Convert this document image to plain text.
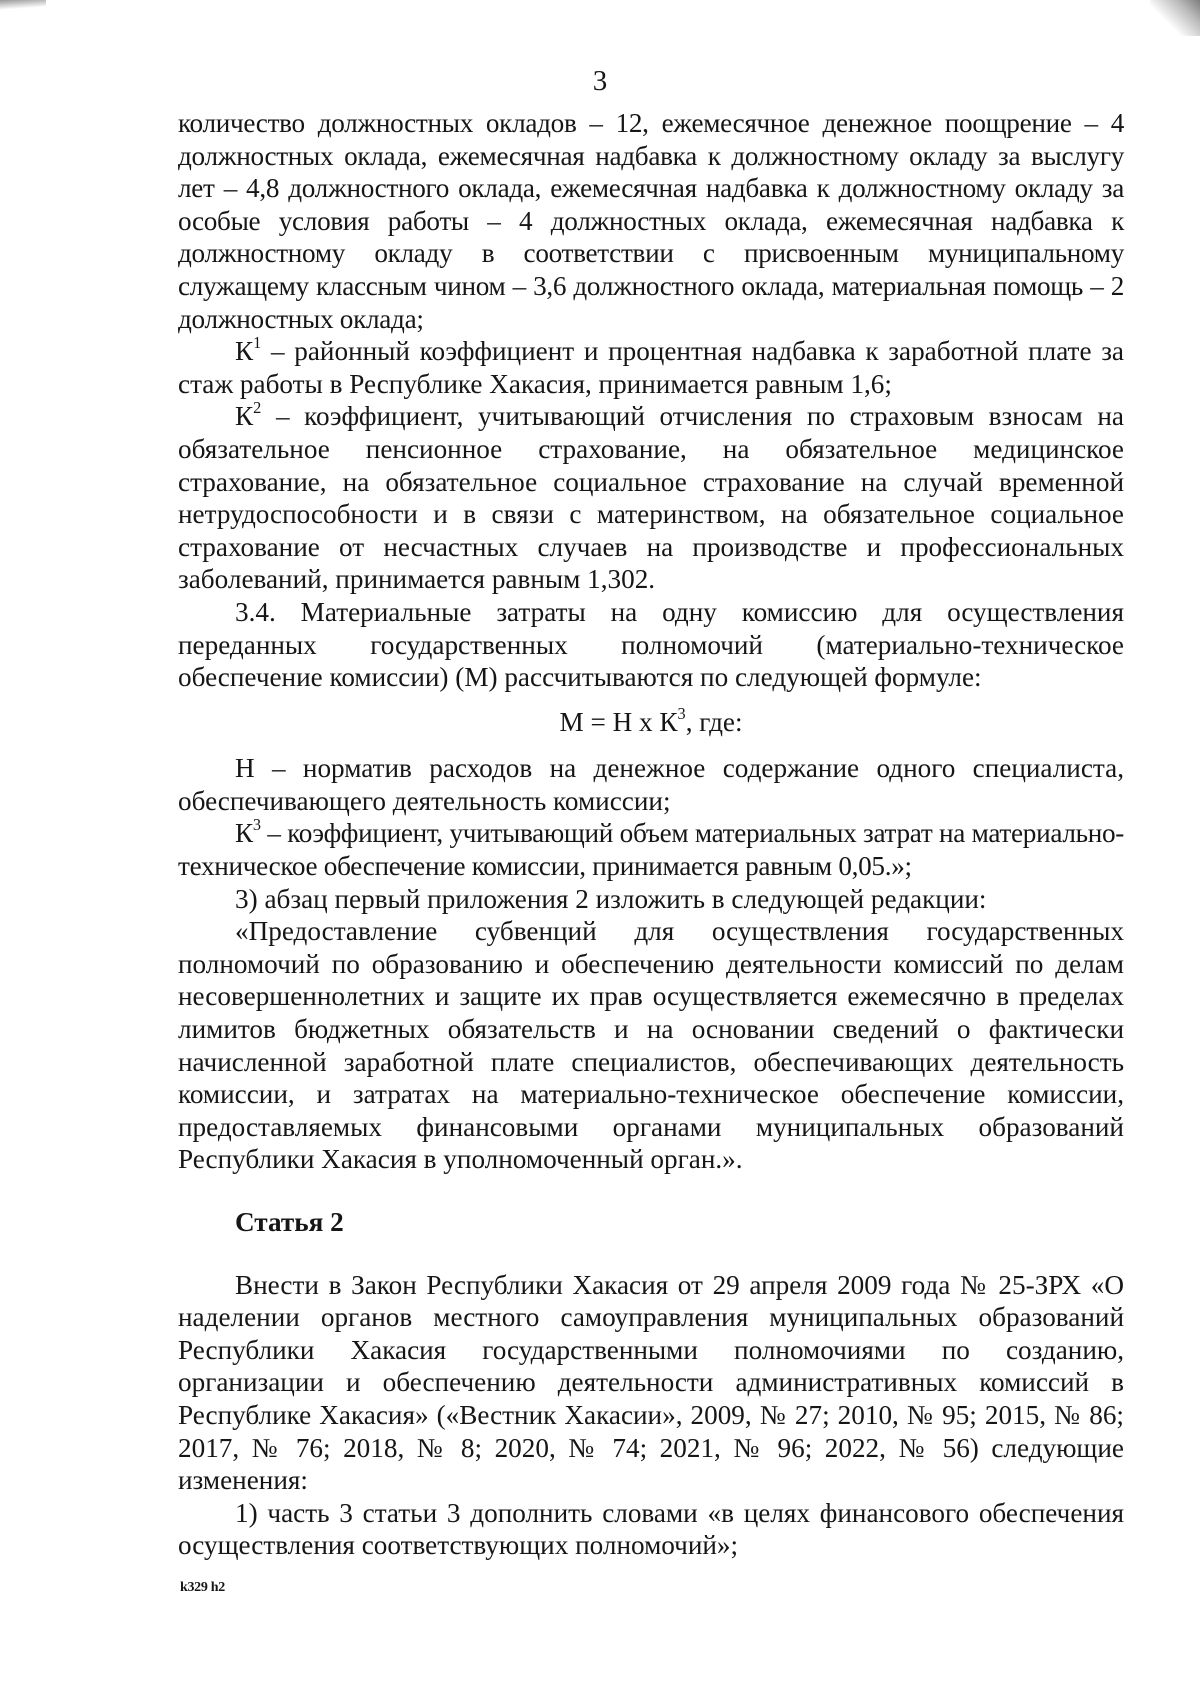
3

количество должностных окладов – 12, ежемесячное денежное поощрение – 4 должностных оклада, ежемесячная надбавка к должностному окладу за выслугу лет – 4,8 должностного оклада, ежемесячная надбавка к должностному окладу за особые условия работы – 4 должностных оклада, ежемесячная надбавка к должностному окладу в соответствии с присвоенным муниципальному служащему классным чином – 3,6 должностного оклада, материальная помощь – 2 должностных оклада;

$К^1$ – районный коэффициент и процентная надбавка к заработной плате за стаж работы в Республике Хакасия, принимается равным 1,6;

$К^2$ – коэффициент, учитывающий отчисления по страховым взносам на обязательное пенсионное страхование, на обязательное медицинское страхование, на обязательное социальное страхование на случай временной нетрудоспособности и в связи с материнством, на обязательное социальное страхование от несчастных случаев на производстве и профессиональных заболеваний, принимается равным 1,302.

3.4. Материальные затраты на одну комиссию для осуществления переданных государственных полномочий (материально-техническое обеспечение комиссии) (М) рассчитываются по следующей формуле:

М = Н х $К^3$, где:

Н – норматив расходов на денежное содержание одного специалиста, обеспечивающего деятельность комиссии;

$К^3$ – коэффициент, учитывающий объем материальных затрат на материально-техническое обеспечение комиссии, принимается равным 0,05.»;

3) абзац первый приложения 2 изложить в следующей редакции:

«Предоставление субвенций для осуществления государственных полномочий по образованию и обеспечению деятельности комиссий по делам несовершеннолетних и защите их прав осуществляется ежемесячно в пределах лимитов бюджетных обязательств и на основании сведений о фактически начисленной заработной плате специалистов, обеспечивающих деятельность комиссии, и затратах на материально-техническое обеспечение комиссии, предоставляемых финансовыми органами муниципальных образований Республики Хакасия в уполномоченный орган.».

Статья 2

Внести в Закон Республики Хакасия от 29 апреля 2009 года № 25-ЗРХ «О наделении органов местного самоуправления муниципальных образований Республики Хакасия государственными полномочиями по созданию, организации и обеспечению деятельности административных комиссий в Республике Хакасия» («Вестник Хакасии», 2009, № 27; 2010, № 95; 2015, № 86; 2017, № 76; 2018, № 8; 2020, № 74; 2021, № 96; 2022, № 56) следующие изменения:

1) часть 3 статьи 3 дополнить словами «в целях финансового обеспечения осуществления соответствующих полномочий»;

k329 h2
